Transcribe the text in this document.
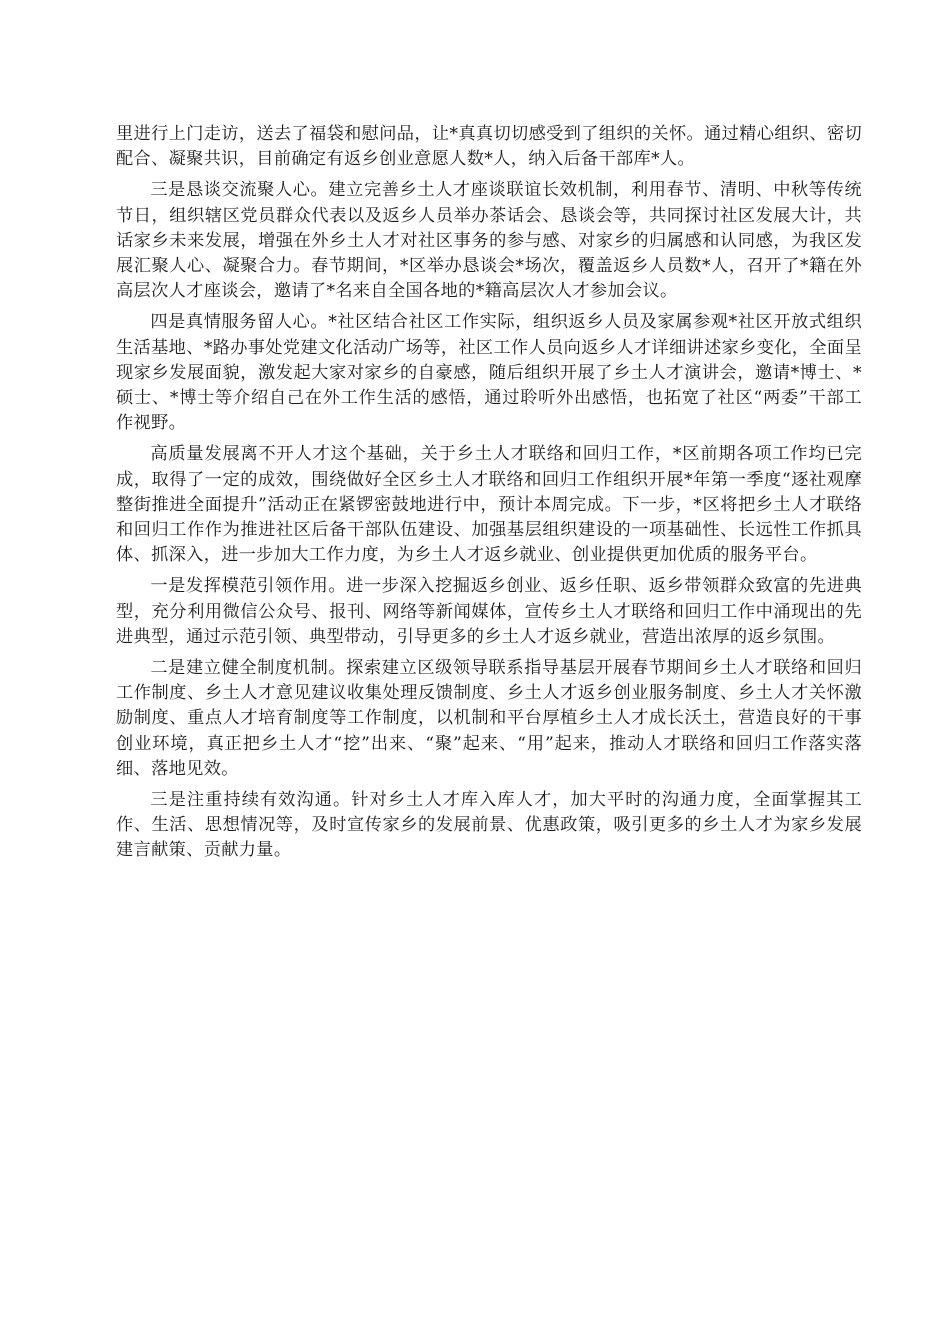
里进行上门走访，送去了福袋和慰问品，让*真真切切感受到了组织的关怀。通过精心组织、密切配合、凝聚共识，目前确定有返乡创业意愿人数*人，纳入后备干部库*人。

三是恳谈交流聚人心。建立完善乡土人才座谈联谊长效机制，利用春节、清明、中秋等传统节日，组织辖区党员群众代表以及返乡人员举办茶话会、恳谈会等，共同探讨社区发展大计，共话家乡未来发展，增强在外乡土人才对社区事务的参与感、对家乡的归属感和认同感，为我区发展汇聚人心、凝聚合力。春节期间，*区举办恳谈会*场次，覆盖返乡人员数*人，召开了*籍在外高层次人才座谈会，邀请了*名来自全国各地的*籍高层次人才参加会议。

四是真情服务留人心。*社区结合社区工作实际，组织返乡人员及家属参观*社区开放式组织生活基地、*路办事处党建文化活动广场等，社区工作人员向返乡人才详细讲述家乡变化，全面呈现家乡发展面貌，激发起大家对家乡的自豪感，随后组织开展了乡土人才演讲会，邀请*博士、*硕士、*博士等介绍自己在外工作生活的感悟，通过聆听外出感悟，也拓宽了社区“两委”干部工作视野。

高质量发展离不开人才这个基础，关于乡土人才联络和回归工作，*区前期各项工作均已完成，取得了一定的成效，围绕做好全区乡土人才联络和回归工作组织开展*年第一季度“逐社观摩整街推进全面提升”活动正在紧锣密鼓地进行中，预计本周完成。下一步，*区将把乡土人才联络和回归工作作为推进社区后备干部队伍建设、加强基层组织建设的一项基础性、长远性工作抓具体、抓深入，进一步加大工作力度，为乡土人才返乡就业、创业提供更加优质的服务平台。

一是发挥模范引领作用。进一步深入挖掘返乡创业、返乡任职、返乡带领群众致富的先进典型，充分利用微信公众号、报刊、网络等新闻媒体，宣传乡土人才联络和回归工作中涌现出的先进典型，通过示范引领、典型带动，引导更多的乡土人才返乡就业，营造出浓厚的返乡氛围。

二是建立健全制度机制。探索建立区级领导联系指导基层开展春节期间乡土人才联络和回归工作制度、乡土人才意见建议收集处理反馈制度、乡土人才返乡创业服务制度、乡土人才关怀激励制度、重点人才培育制度等工作制度，以机制和平台厚植乡土人才成长沃土，营造良好的干事创业环境，真正把乡土人才“挖”出来、“聚”起来、“用”起来，推动人才联络和回归工作落实落细、落地见效。

三是注重持续有效沟通。针对乡土人才库入库人才，加大平时的沟通力度，全面掌握其工作、生活、思想情况等，及时宣传家乡的发展前景、优惠政策，吸引更多的乡土人才为家乡发展建言献策、贡献力量。
